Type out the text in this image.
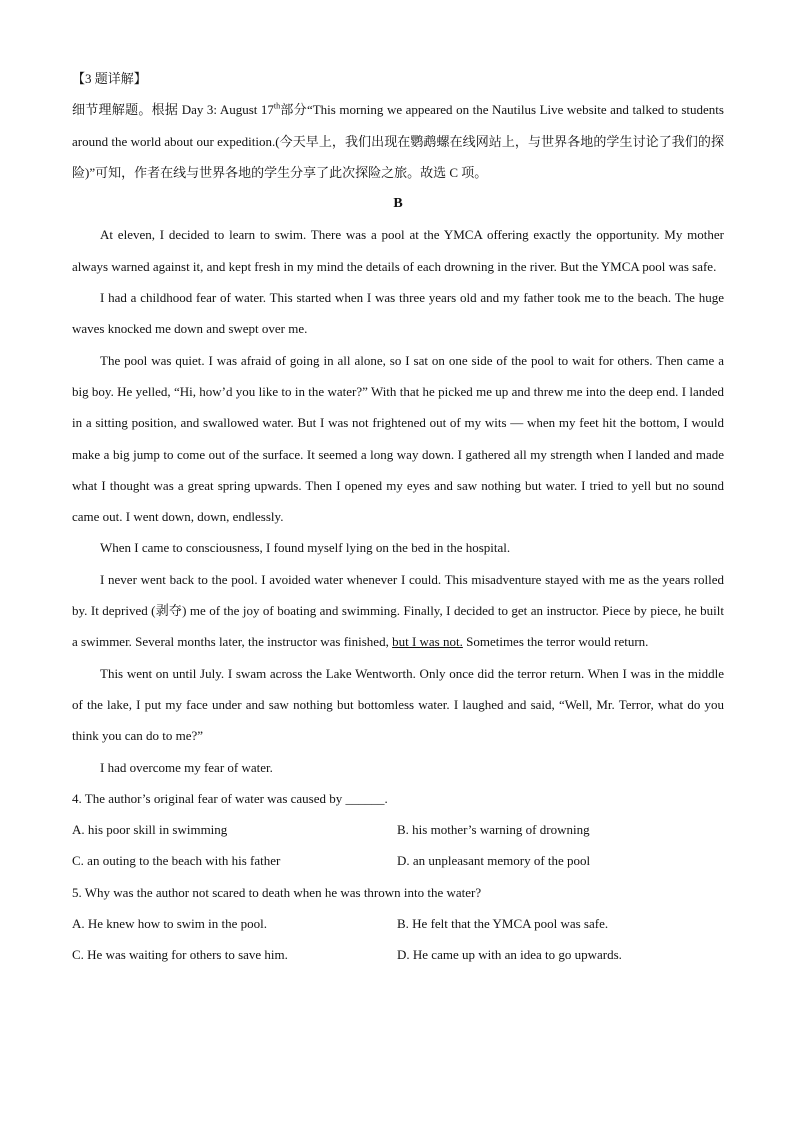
【3 题详解】

细节理解题。根据 Day 3: August 17th部分“This morning we appeared on the Nautilus Live website and talked to students around the world about our expedition.(今天早上，我们出现在鹦鹉螺在线网站上，与世界各地的学生讨论了我们的探险)”可知，作者在线与世界各地的学生分享了此次探险之旅。故选 C 项。

B

At eleven, I decided to learn to swim. There was a pool at the YMCA offering exactly the opportunity. My mother always warned against it, and kept fresh in my mind the details of each drowning in the river. But the YMCA pool was safe.

I had a childhood fear of water. This started when I was three years old and my father took me to the beach. The huge waves knocked me down and swept over me.

The pool was quiet. I was afraid of going in all alone, so I sat on one side of the pool to wait for others. Then came a big boy. He yelled, “Hi, how’d you like to in the water?” With that he picked me up and threw me into the deep end. I landed in a sitting position, and swallowed water. But I was not frightened out of my wits — when my feet hit the bottom, I would make a big jump to come out of the surface. It seemed a long way down. I gathered all my strength when I landed and made what I thought was a great spring upwards. Then I opened my eyes and saw nothing but water. I tried to yell but no sound came out. I went down, down, endlessly.

When I came to consciousness, I found myself lying on the bed in the hospital.

I never went back to the pool. I avoided water whenever I could. This misadventure stayed with me as the years rolled by. It deprived (剥夺) me of the joy of boating and swimming. Finally, I decided to get an instructor. Piece by piece, he built a swimmer. Several months later, the instructor was finished, but I was not. Sometimes the terror would return.

This went on until July. I swam across the Lake Wentworth. Only once did the terror return. When I was in the middle of the lake, I put my face under and saw nothing but bottomless water. I laughed and said, “Well, Mr. Terror, what do you think you can do to me?”

I had overcome my fear of water.

4. The author’s original fear of water was caused by ______.

A. his poor skill in swimming	B. his mother’s warning of drowning
C. an outing to the beach with his father	D. an unpleasant memory of the pool

5. Why was the author not scared to death when he was thrown into the water?

A. He knew how to swim in the pool.	B. He felt that the YMCA pool was safe.
C. He was waiting for others to save him.	D. He came up with an idea to go upwards.
